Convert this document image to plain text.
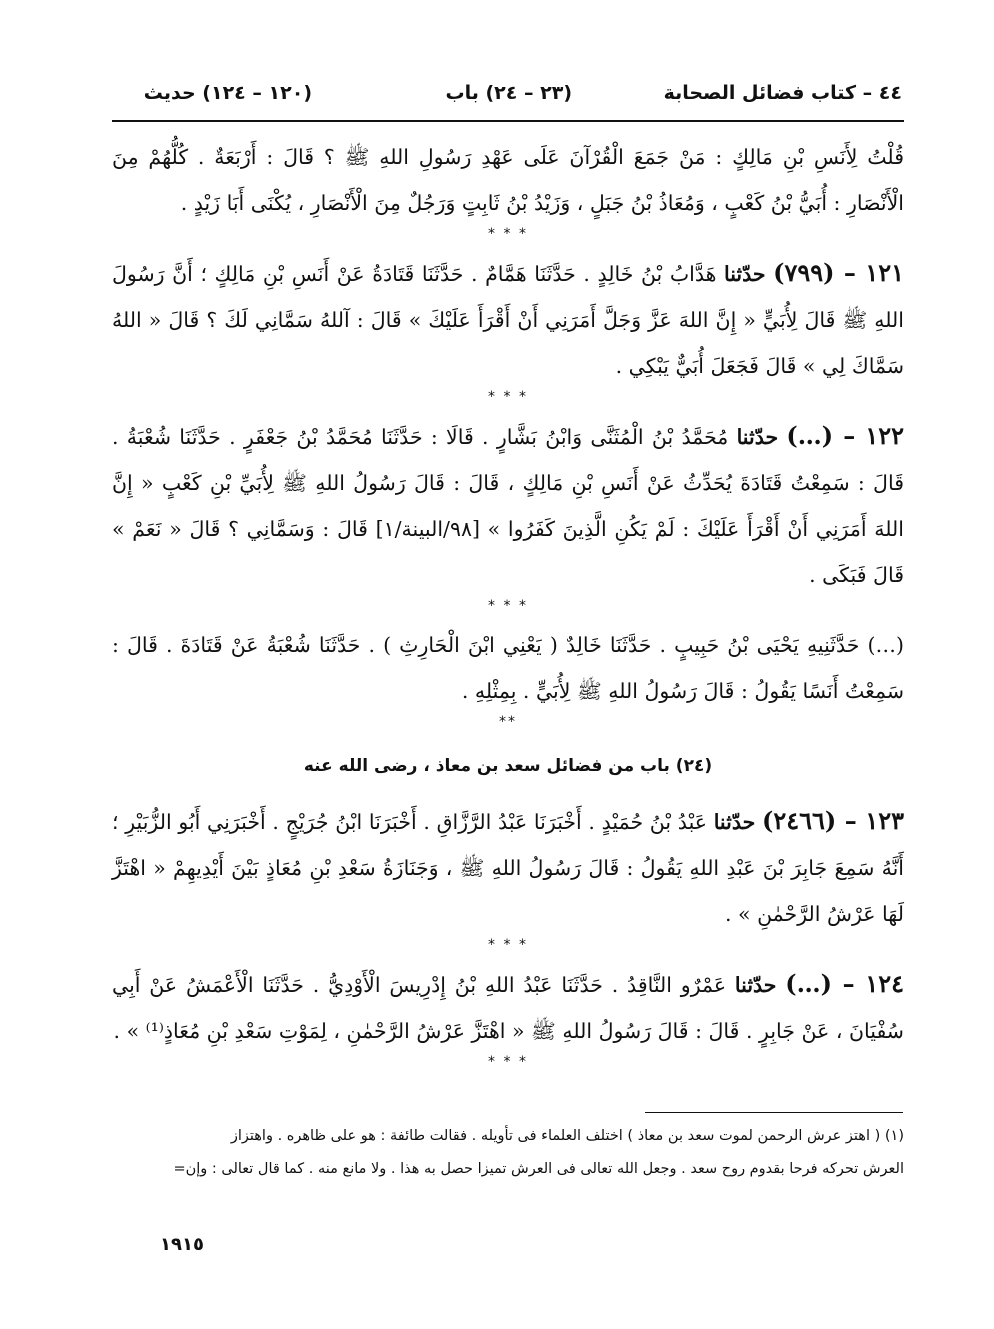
٤٤ – كتاب فضائل الصحابة
(٢٣ – ٢٤) باب
(١٢٠ – ١٢٤) حديث

قُلْتُ لِأَنَسِ بْنِ مَالِكٍ : مَنْ جَمَعَ الْقُرْآنَ عَلَى عَهْدِ رَسُولِ اللهِ ﷺ ؟ قَالَ : أَرْبَعَةٌ . كُلُّهُمْ مِنَ الْأَنْصَارِ : أُبَيُّ بْنُ كَعْبٍ ، وَمُعَاذُ بْنُ جَبَلٍ ، وَزَيْدُ بْنُ ثَابِتٍ وَرَجُلٌ مِنَ الْأَنْصَارِ ، يُكْنَى أَبَا زَيْدٍ .

* * *

١٢١ – (٧٩٩) حدّثنا هَدَّابُ بْنُ خَالِدٍ . حَدَّثَنَا هَمَّامٌ . حَدَّثَنَا قَتَادَةُ عَنْ أَنَسِ بْنِ مَالِكٍ ؛ أَنَّ رَسُولَ اللهِ ﷺ قَالَ لِأُبَيٍّ « إِنَّ اللهَ عَزَّ وَجَلَّ أَمَرَنِي أَنْ أَقْرَأَ عَلَيْكَ » قَالَ : آللهُ سَمَّانِي لَكَ ؟ قَالَ « اللهُ سَمَّاكَ لِي » قَالَ فَجَعَلَ أُبَيٌّ يَبْكِي .

* * *

١٢٢ – (…) حدّثنا مُحَمَّدُ بْنُ الْمُثَنَّى وَابْنُ بَشَّارٍ . قَالَا : حَدَّثَنَا مُحَمَّدُ بْنُ جَعْفَرٍ . حَدَّثَنَا شُعْبَةُ . قَالَ : سَمِعْتُ قَتَادَةَ يُحَدِّثُ عَنْ أَنَسِ بْنِ مَالِكٍ ، قَالَ : قَالَ رَسُولُ اللهِ ﷺ لِأُبَيِّ بْنِ كَعْبٍ « إِنَّ اللهَ أَمَرَنِي أَنْ أَقْرَأَ عَلَيْكَ : لَمْ يَكُنِ الَّذِينَ كَفَرُوا » [٩٨/البينة/١] قَالَ : وَسَمَّانِي ؟ قَالَ « نَعَمْ » قَالَ فَبَكَى .

* * *

(…) حَدَّثَنِيهِ يَحْيَى بْنُ حَبِيبٍ . حَدَّثَنَا خَالِدٌ ( يَعْنِي ابْنَ الْحَارِثِ ) . حَدَّثَنَا شُعْبَةُ عَنْ قَتَادَةَ . قَالَ : سَمِعْتُ أَنَسًا يَقُولُ : قَالَ رَسُولُ اللهِ ﷺ لِأُبَيٍّ . بِمِثْلِهِ .

*‌*
(٢٤) باب من فضائل سعد بن معاذ ، رضى الله عنه

١٢٣ – (٢٤٦٦) حدّثنا عَبْدُ بْنُ حُمَيْدٍ . أَخْبَرَنَا عَبْدُ الرَّزَّاقِ . أَخْبَرَنَا ابْنُ جُرَيْجٍ . أَخْبَرَنِي أَبُو الزُّبَيْرِ ؛ أَنَّهُ سَمِعَ جَابِرَ بْنَ عَبْدِ اللهِ يَقُولُ : قَالَ رَسُولُ اللهِ ﷺ ، وَجَنَازَةُ سَعْدِ بْنِ مُعَاذٍ بَيْنَ أَيْدِيهِمْ « اهْتَزَّ لَهَا عَرْشُ الرَّحْمٰنِ » .

* * *

١٢٤ – (…) حدّثنا عَمْرٌو النَّاقِدُ . حَدَّثَنَا عَبْدُ اللهِ بْنُ إِدْرِيسَ الْأَوْدِيُّ . حَدَّثَنَا الْأَعْمَشُ عَنْ أَبِي سُفْيَانَ ، عَنْ جَابِرٍ . قَالَ : قَالَ رَسُولُ اللهِ ﷺ « اهْتَزَّ عَرْشُ الرَّحْمٰنِ ، لِمَوْتِ سَعْدِ بْنِ مُعَاذٍ⁽¹⁾ » .

* * *

(١) ( اهتز عرش الرحمن لموت سعد بن معاذ ) اختلف العلماء فى تأويله . فقالت طائفة : هو على ظاهره . واهتزاز

العرش تحركه فرحا بقدوم روح سعد . وجعل الله تعالى فى العرش تميزا حصل به هذا . ولا مانع منه . كما قال تعالى : وإن=

١٩١٥
